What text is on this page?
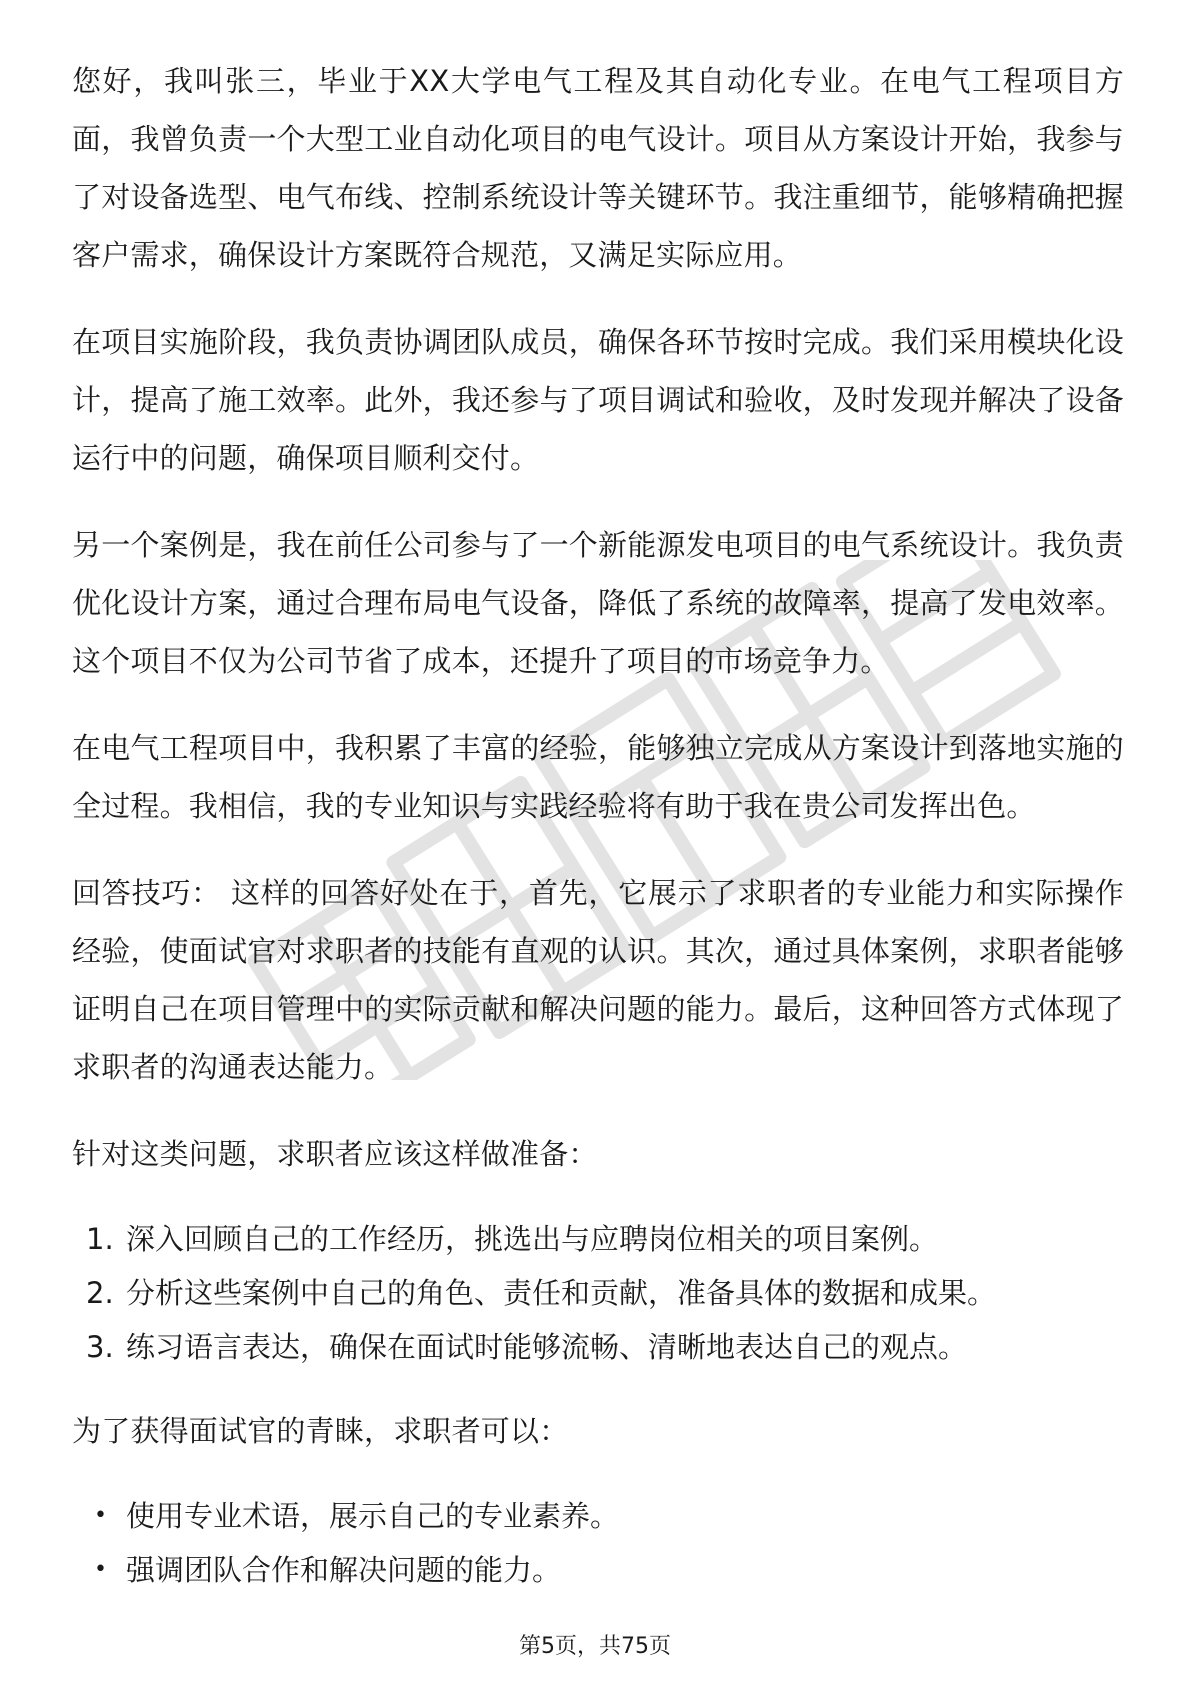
您好，我叫张三，毕业于XX大学电气工程及其自动化专业。在电气工程项目方面，我曾负责一个大型工业自动化项目的电气设计。项目从方案设计开始，我参与了对设备选型、电气布线、控制系统设计等关键环节。我注重细节，能够精确把握客户需求，确保设计方案既符合规范，又满足实际应用。

在项目实施阶段，我负责协调团队成员，确保各环节按时完成。我们采用模块化设计，提高了施工效率。此外，我还参与了项目调试和验收，及时发现并解决了设备运行中的问题，确保项目顺利交付。

另一个案例是，我在前任公司参与了一个新能源发电项目的电气系统设计。我负责优化设计方案，通过合理布局电气设备，降低了系统的故障率，提高了发电效率。这个项目不仅为公司节省了成本，还提升了项目的市场竞争力。

在电气工程项目中，我积累了丰富的经验，能够独立完成从方案设计到落地实施的全过程。我相信，我的专业知识与实践经验将有助于我在贵公司发挥出色。

回答技巧： 这样的回答好处在于，首先，它展示了求职者的专业能力和实际操作经验，使面试官对求职者的技能有直观的认识。其次，通过具体案例，求职者能够证明自己在项目管理中的实际贡献和解决问题的能力。最后，这种回答方式体现了求职者的沟通表达能力。

针对这类问题，求职者应该这样做准备：

1. 深入回顾自己的工作经历，挑选出与应聘岗位相关的项目案例。
2. 分析这些案例中自己的角色、责任和贡献，准备具体的数据和成果。
3. 练习语言表达，确保在面试时能够流畅、清晰地表达自己的观点。

为了获得面试官的青睐，求职者可以：

• 使用专业术语，展示自己的专业素养。
• 强调团队合作和解决问题的能力。
第5页，共75页
